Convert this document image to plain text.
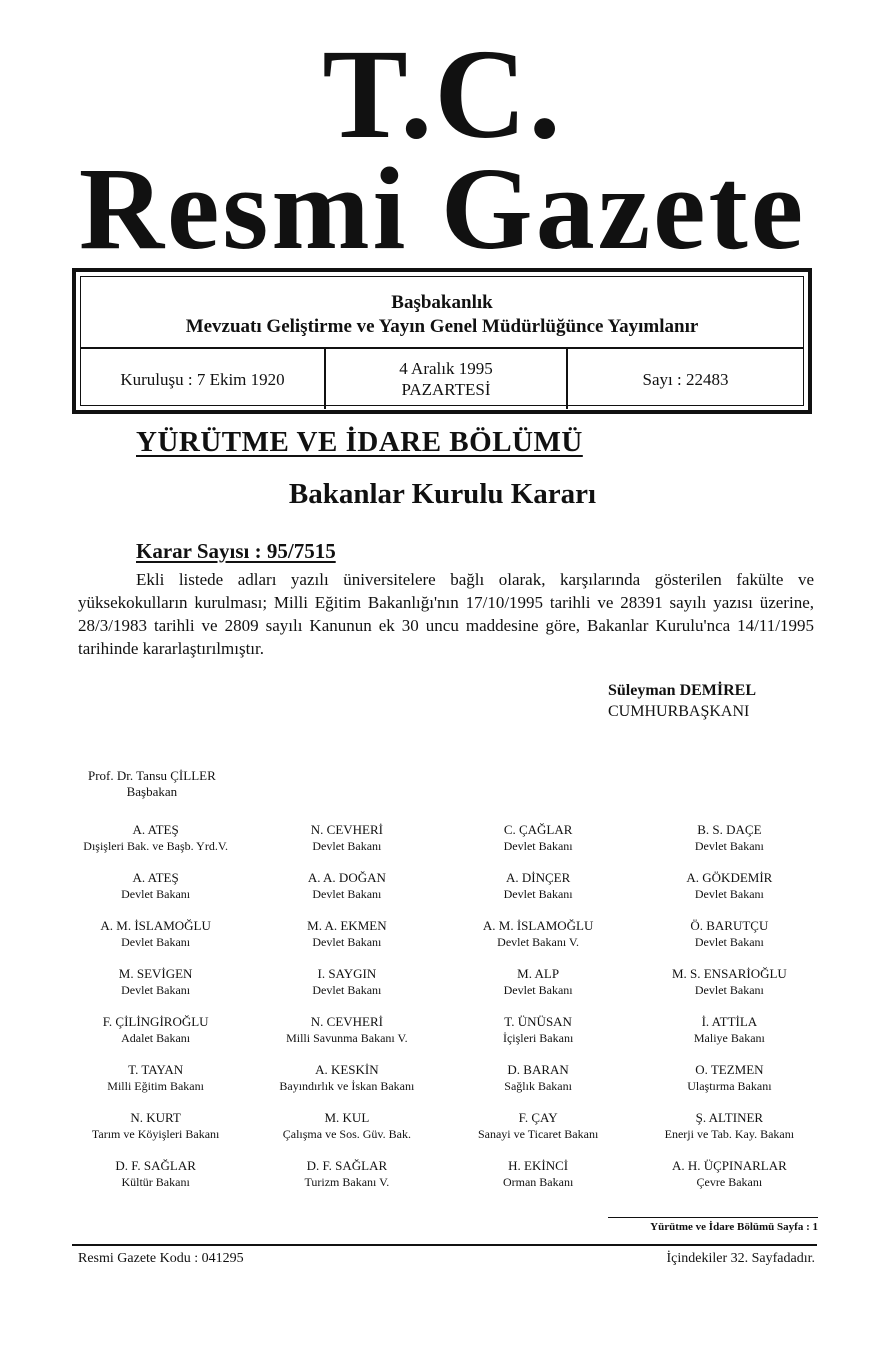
T.C.
Resmi Gazete
Başbakanlık
Mevzuatı Geliştirme ve Yayın Genel Müdürlüğünce Yayımlanır
Kuruluşu : 7 Ekim 1920
4 Aralık 1995
PAZARTESİ
Sayı : 22483
YÜRÜTME VE İDARE BÖLÜMÜ
Bakanlar Kurulu Kararı
Karar Sayısı : 95/7515

Ekli listede adları yazılı üniversitelere bağlı olarak, karşılarında gösterilen fakülte ve yüksekokulların kurulması; Milli Eğitim Bakanlığı'nın 17/10/1995 tarihli ve 28391 sayılı yazısı üzerine, 28/3/1983 tarihli ve 2809 sayılı Kanunun ek 30 uncu maddesine göre, Bakanlar Kurulu'nca 14/11/1995 tarihinde kararlaştırılmıştır.

Süleyman DEMİREL
CUMHURBAŞKANI
Prof. Dr. Tansu ÇİLLER
Başbakan
A. ATEŞ
Dışişleri Bak. ve Başb. Yrd.V.
N. CEVHERİ
Devlet Bakanı
C. ÇAĞLAR
Devlet Bakanı
B. S. DAÇE
Devlet Bakanı
A. ATEŞ
Devlet Bakanı
A. A. DOĞAN
Devlet Bakanı
A. DİNÇER
Devlet Bakanı
A. GÖKDEMİR
Devlet Bakanı
A. M. İSLAMOĞLU
Devlet Bakanı
M. A. EKMEN
Devlet Bakanı
A. M. İSLAMOĞLU
Devlet Bakanı V.
Ö. BARUTÇU
Devlet Bakanı
M. SEVİGEN
Devlet Bakanı
I. SAYGIN
Devlet Bakanı
M. ALP
Devlet Bakanı
M. S. ENSARİOĞLU
Devlet Bakanı
F. ÇİLİNGİROĞLU
Adalet Bakanı
N. CEVHERİ
Milli Savunma Bakanı V.
T. ÜNÜSAN
İçişleri Bakanı
İ. ATTİLA
Maliye Bakanı
T. TAYAN
Milli Eğitim Bakanı
A. KESKİN
Bayındırlık ve İskan Bakanı
D. BARAN
Sağlık Bakanı
O. TEZMEN
Ulaştırma Bakanı
N. KURT
Tarım ve Köyişleri Bakanı
M. KUL
Çalışma ve Sos. Güv. Bak.
F. ÇAY
Sanayi ve Ticaret Bakanı
Ş. ALTINER
Enerji ve Tab. Kay. Bakanı
D. F. SAĞLAR
Kültür Bakanı
D. F. SAĞLAR
Turizm Bakanı V.
H. EKİNCİ
Orman Bakanı
A. H. ÜÇPINARLAR
Çevre Bakanı
Yürütme ve İdare Bölümü Sayfa : 1
Resmi Gazete Kodu : 041295	İçindekiler 32. Sayfadadır.
